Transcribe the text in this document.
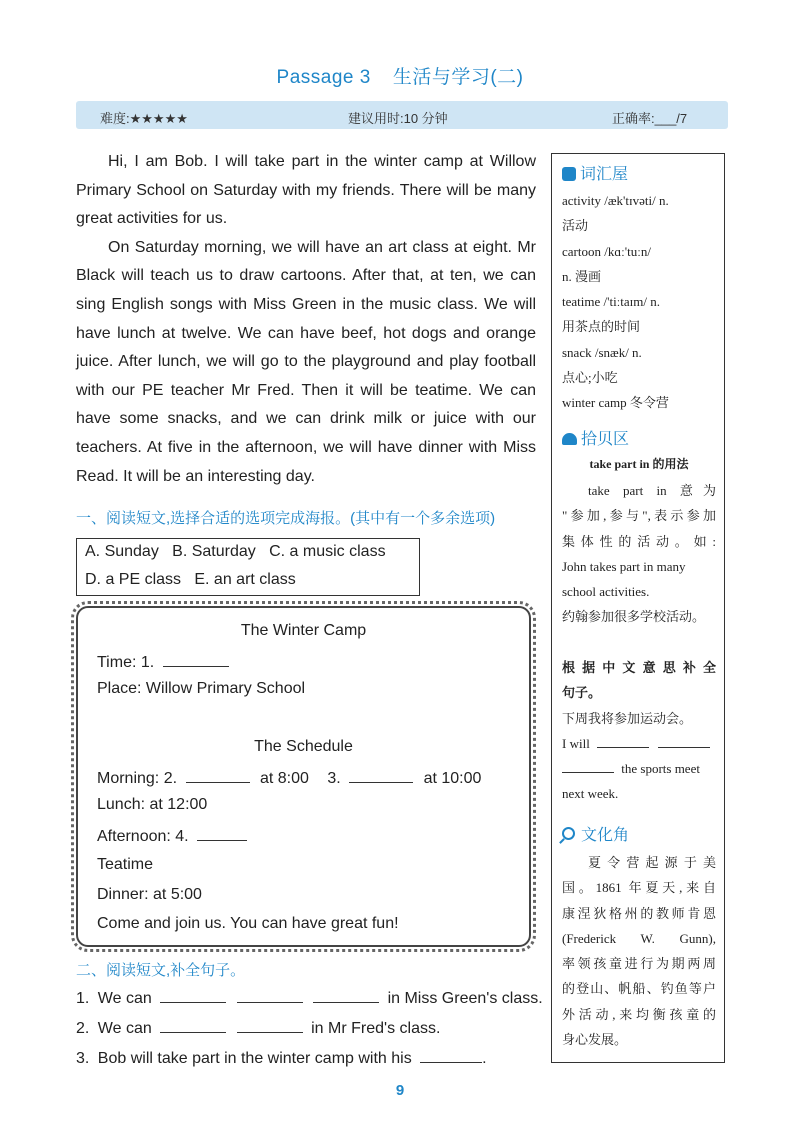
Passage 3 生活与学习(二)
难度:★★★★★	建议用时:10 分钟	正确率:___/7

Hi, I am Bob. I will take part in the winter camp at Willow Primary School on Saturday with my friends. There will be many great activities for us.

On Saturday morning, we will have an art class at eight. Mr Black will teach us to draw cartoons. After that, at ten, we can sing English songs with Miss Green in the music class. We will have lunch at twelve. We can have beef, hot dogs and orange juice. After lunch, we will go to the playground and play football with our PE teacher Mr Fred. Then it will be teatime. We can have some snacks, and we can drink milk or juice with our teachers. At five in the afternoon, we will have dinner with Miss Read. It will be an interesting day.

一、阅读短文,选择合适的选项完成海报。(其中有一个多余选项)
A. Sunday   B. Saturday   C. a music class
D. a PE class   E. an art class
The Winter Camp
Time: 1.
Place: Willow Primary School
The Schedule
Morning: 2.	at 8:00 3.	at 10:00
Lunch: at 12:00
Afternoon: 4.
Teatime
Dinner: at 5:00
Come and join us. You can have great fun!
二、阅读短文,补全句子。
1. We can	in Miss Green's class.
2. We can	in Mr Fred's class.
3. Bob will take part in the winter camp with his	.
词汇屋

activity /æk'tɪvəti/ n.

活动

cartoon /kɑː'tuːn/

n. 漫画

teatime /'tiːtaɪm/ n.

用茶点的时间

snack /snæk/ n.

点心;小吃

winter camp 冬令营

拾贝区
take part in 的用法

take part in 意为

"参加,参与",表示参加

集体性的活动。如:

John takes part in many

school activities.

约翰参加很多学校活动。

根据中文意思补全

句子。

下周我将参加运动会。

I will

the sports meet

next week.

文化角

夏令营起源于美

国。1861 年夏天,来自

康涅狄格州的教师肯恩

(Frederick W. Gunn),

率领孩童进行为期两周

的登山、帆船、钓鱼等户

外活动,来均衡孩童的

身心发展。

9
